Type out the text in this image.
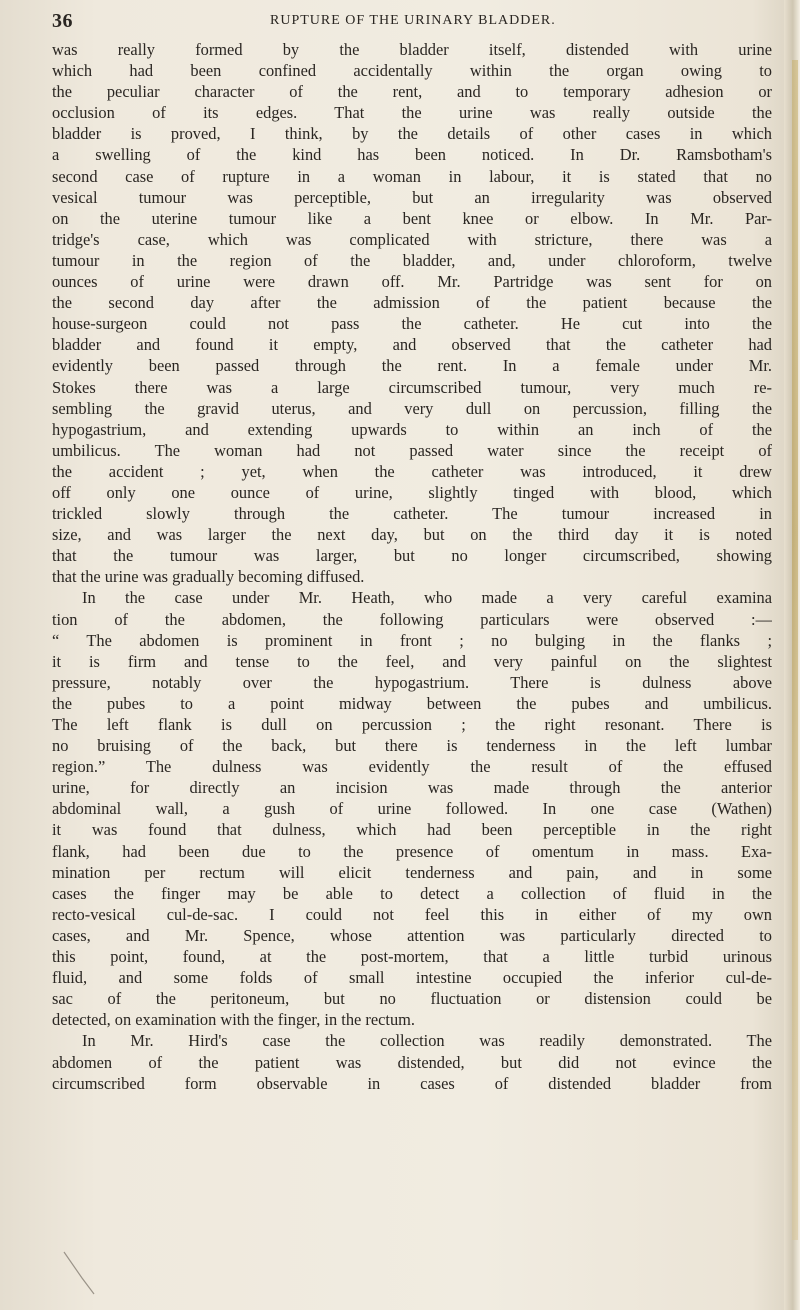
36	RUPTURE OF THE URINARY BLADDER.
was really formed by the bladder itself, distended with urine
which had been confined accidentally within the organ owing to
the peculiar character of the rent, and to temporary adhesion or
occlusion of its edges. That the urine was really outside the
bladder is proved, I think, by the details of other cases in which
a swelling of the kind has been noticed. In Dr. Ramsbotham's
second case of rupture in a woman in labour, it is stated that no
vesical tumour was perceptible, but an irregularity was observed
on the uterine tumour like a bent knee or elbow. In Mr. Par-
tridge's case, which was complicated with stricture, there was a
tumour in the region of the bladder, and, under chloroform, twelve
ounces of urine were drawn off. Mr. Partridge was sent for on
the second day after the admission of the patient because the
house-surgeon could not pass the catheter. He cut into the
bladder and found it empty, and observed that the catheter had
evidently been passed through the rent. In a female under Mr.
Stokes there was a large circumscribed tumour, very much re-
sembling the gravid uterus, and very dull on percussion, filling the
hypogastrium, and extending upwards to within an inch of the
umbilicus. The woman had not passed water since the receipt of
the accident ; yet, when the catheter was introduced, it drew
off only one ounce of urine, slightly tinged with blood, which
trickled slowly through the catheter. The tumour increased in
size, and was larger the next day, but on the third day it is noted
that the tumour was larger, but no longer circumscribed, showing
that the urine was gradually becoming diffused.
In the case under Mr. Heath, who made a very careful examina
tion of the abdomen, the following particulars were observed :—
“ The abdomen is prominent in front ; no bulging in the flanks ;
it is firm and tense to the feel, and very painful on the slightest
pressure, notably over the hypogastrium. There is dulness above
the pubes to a point midway between the pubes and umbilicus.
The left flank is dull on percussion ; the right resonant. There is
no bruising of the back, but there is tenderness in the left lumbar
region.” The dulness was evidently the result of the effused
urine, for directly an incision was made through the anterior
abdominal wall, a gush of urine followed. In one case (Wathen)
it was found that dulness, which had been perceptible in the right
flank, had been due to the presence of omentum in mass. Exa-
mination per rectum will elicit tenderness and pain, and in some
cases the finger may be able to detect a collection of fluid in the
recto-vesical cul-de-sac. I could not feel this in either of my own
cases, and Mr. Spence, whose attention was particularly directed to
this point, found, at the post-mortem, that a little turbid urinous
fluid, and some folds of small intestine occupied the inferior cul-de-
sac of the peritoneum, but no fluctuation or distension could be
detected, on examination with the finger, in the rectum.
In Mr. Hird's case the collection was readily demonstrated. The
abdomen of the patient was distended, but did not evince the
circumscribed form observable in cases of distended bladder from
